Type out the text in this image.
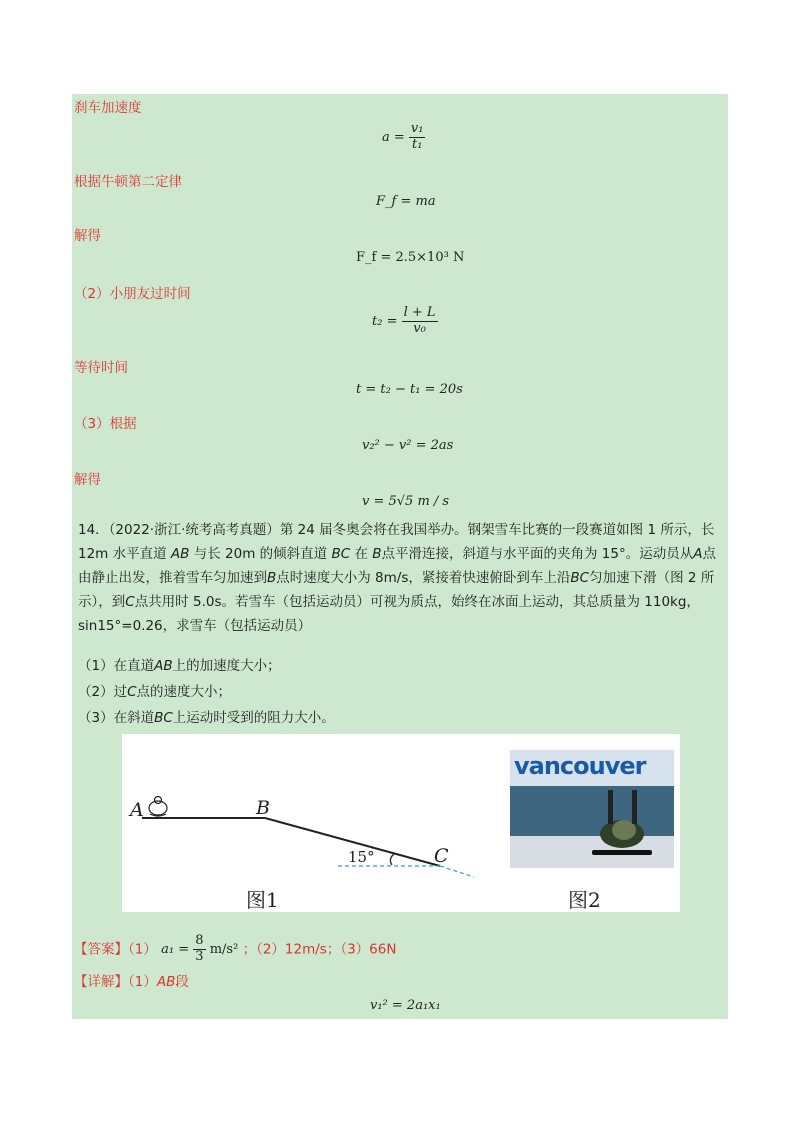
刹车加速度
$a = \frac{\text{v₁}}{\text{t₁}}$
根据牛顿第二定律
F_f = ma
解得
F_f = 2.5×10³ N
（2）小朋友过时间
$t_2 = \frac{l + L}{\text{v₀}}$
等待时间
t = t₂ − t₁ = 20s
（3）根据
v₂² − v² = 2as
解得
v = 5√5 m / s
14．（2022·浙江·统考高考真题）第 24 届冬奥会将在我国举办。钢架雪车比赛的一段赛道如图 1 所示，长 12m 水平直道 AB 与长 20m 的倾斜直道 BC 在 B点平滑连接，斜道与水平面的夹角为 15°。运动员从A点由静止出发，推着雪车匀加速到B点时速度大小为 8m/s，紧接着快速俯卧到车上沿BC匀加速下滑（图 2 所示），到C点共用时 5.0s。若雪车（包括运动员）可视为质点，始终在冰面上运动，其总质量为 110kg，sin15°=0.26，求雪车（包括运动员）
（1）在直道AB上的加速度大小；
（2）过C点的速度大小；
（3）在斜道BC上运动时受到的阻力大小。
A	B
C
15°
图1
vancouver
图2
【答案】（1） $a_1 = \frac{8}{3} m/s^2$ ；（2）12m/s；（3）66N
【详解】（1）AB段
v₁² = 2a₁x₁
